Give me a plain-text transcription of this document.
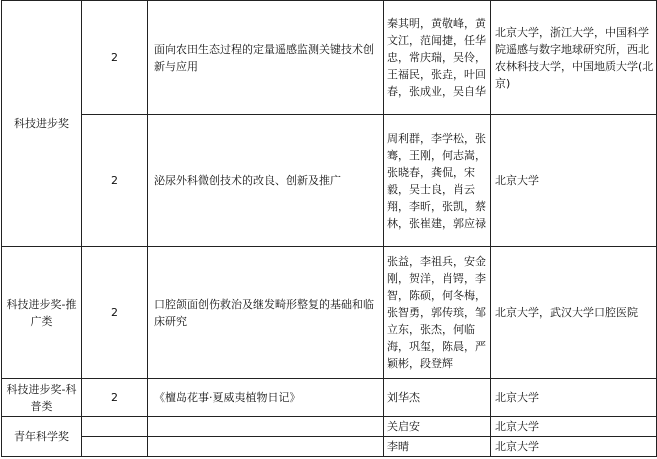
科技进步奖	2	面向农田生态过程的定量遥感监测关键技术创新与应用	秦其明，黄敬峰，黄文江，范闻捷，任华忠，常庆瑞，吴伶，王福民，张垚，叶回春，张成业，吴自华	北京大学，浙江大学，中国科学院遥感与数字地球研究所，西北农林科技大学，中国地质大学(北京)

	2	泌尿外科微创技术的改良、创新及推广	周利群，李学松，张骞，王刚，何志嵩，张晓春，龚侃，宋毅，吴士良，肖云翔，李昕，张凯，蔡林，张崔建，郭应禄	北京大学

科技进步奖-推广类	2	口腔颌面创伤救治及继发畸形整复的基础和临床研究	张益，李祖兵，安金刚，贺洋，肖锷，李智，陈硕，何冬梅，张智勇，郭传瑸，邹立东，张杰，何临海，巩玺，陈晨，严颖彬，段登辉	北京大学，武汉大学口腔医院

科技进步奖-科普类	2	《檀岛花事·夏威夷植物日记》	刘华杰	北京大学

青年科学奖			关启安	北京大学

			李晴	北京大学
